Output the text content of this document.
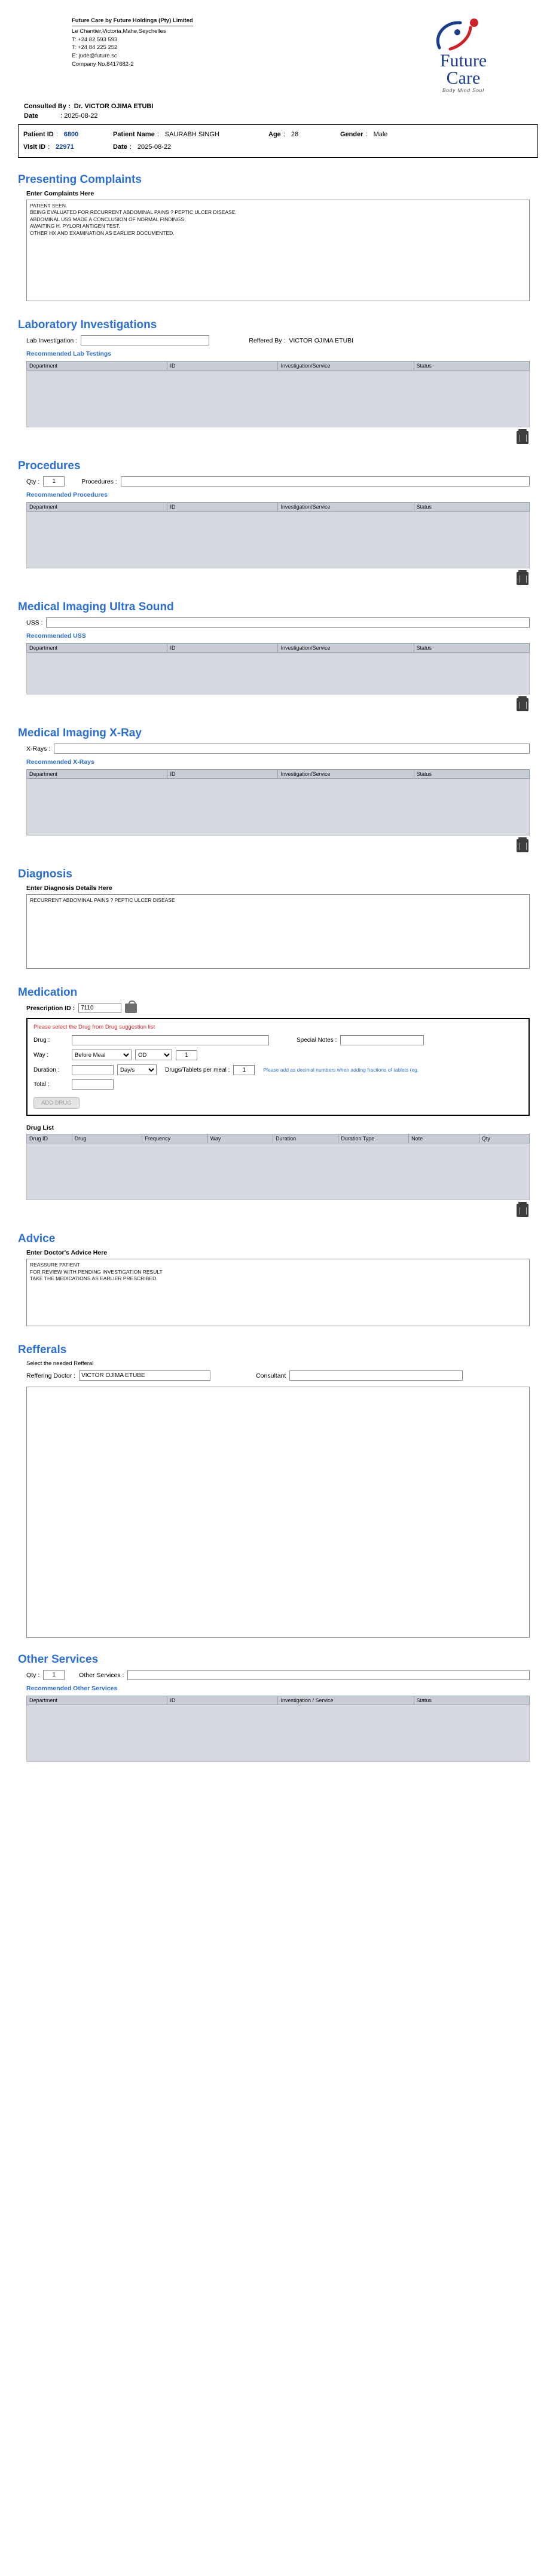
Future Care by Future Holdings (Pty) Limited
Le Chantier,Victoria,Mahe,Seychelles
T: +24 82 593 593
T: +24 84 225 252
E: jude@future.sc
Company No.8417682-2	Future
Care
Body Mind Soul
Consulted By :  Dr. VICTOR OJIMA ETUBI
Date	: 2025-08-22
Patient ID : 6800	Patient Name : SAURABH SINGH	Age : 28	Gender : Male
Visit ID : 22971	Date : 2025-08-22
Presenting Complaints
Enter Complaints Here
PATIENT SEEN. BEING EVALUATED FOR RECURRENT ABDOMINAL PAINS ? PEPTIC ULCER DISEASE. ABDOMINAL USS MADE A CONCLUSION OF NORMAL FINDINGS. AWAITING H. PYLORI ANTIGEN TEST. OTHER HX AND EXAMINATION AS EARLIER DOCUMENTED.
Laboratory Investigations
Lab Investigation :	Reffered By : VICTOR OJIMA ETUBI
Recommended Lab Testings
Department	ID	Investigation/Service	Status

Procedures
Qty :
1	Procedures :
Recommended Procedures
Department	ID	Investigation/Service	Status

Medical Imaging Ultra Sound
USS :
Recommended USS
Department	ID	Investigation/Service	Status

Medical Imaging X-Ray
X-Rays :
Recommended X-Rays
Department	ID	Investigation/Service	Status

Diagnosis
Enter Diagnosis Details Here
RECURRENT ABDOMINAL PAINS ? PEPTIC ULCER DISEASE
Medication
Prescription ID :
7110
Please select the Drug from Drug suggestion list
Drug :	Special Notes :
Way :
Before Meal
OD
1
Duration :
Day/s	Drugs/Tablets per meal :
1	Please add as decimal numbers when adding fractions of tablets (eg.
Total :
ADD DRUG
Drug List
Drug ID	Drug	Frequency	Way	Duration	Duration Type	Note	Qty

Advice
Enter Doctor's Advice Here
REASSURE PATIENT FOR REVIEW WITH PENDING INVESTIGATION RESULT TAKE THE MEDICATIONS AS EARLIER PRESCRIBED.
Refferals
Select the needed Refferal
Reffering Doctor :
VICTOR OJIMA ETUBE	Consultant
Other Services
Qty :
1	Other Services :
Recommended Other Services
Department	ID	Investigation / Service	Status
